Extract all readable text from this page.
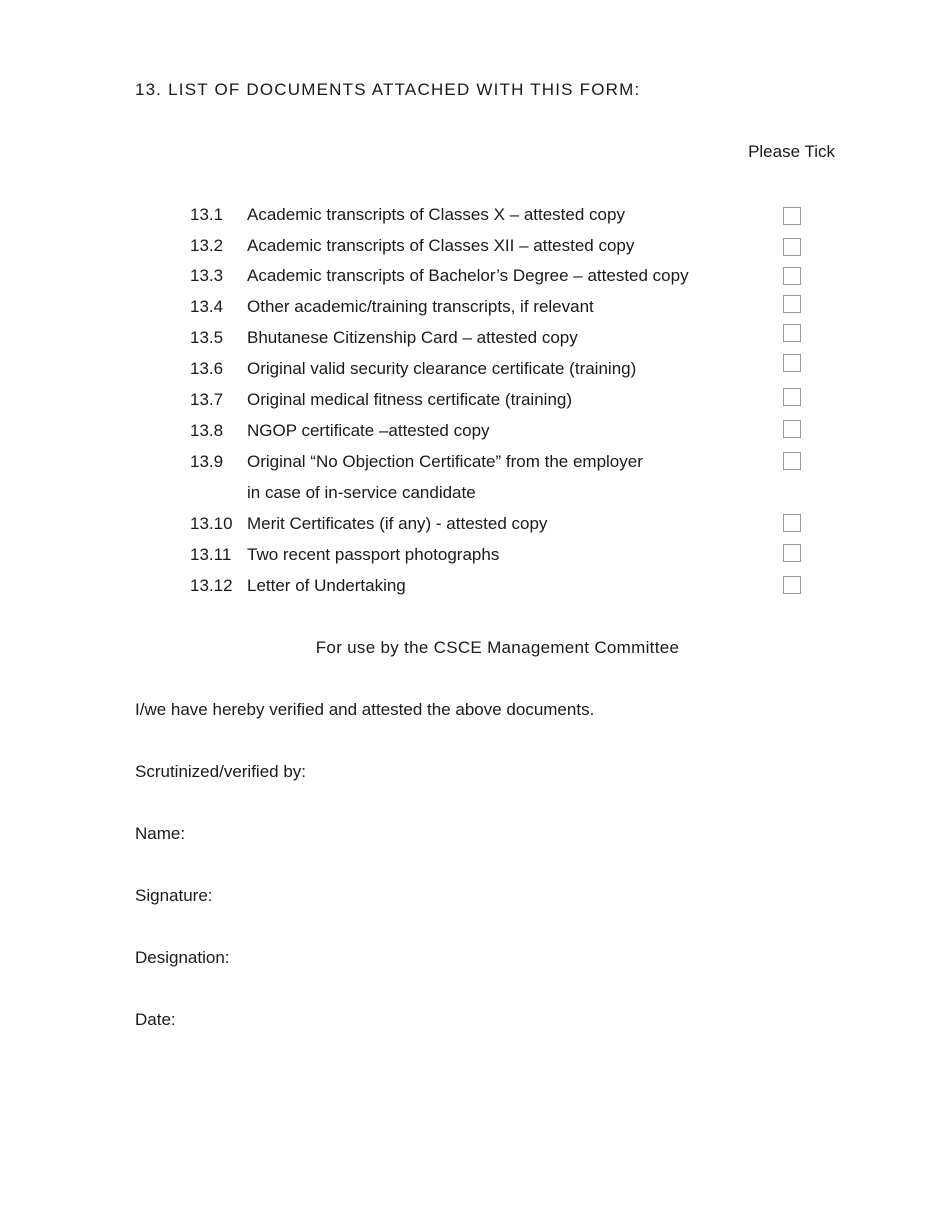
13. LIST OF DOCUMENTS ATTACHED WITH THIS FORM:
Please Tick
13.1	Academic transcripts of Classes X – attested copy
13.2	Academic transcripts of Classes XII – attested copy
13.3	Academic transcripts of Bachelor’s Degree – attested copy
13.4	Other academic/training transcripts, if relevant
13.5	Bhutanese Citizenship Card – attested copy
13.6	Original valid security clearance certificate (training)
13.7	Original medical fitness certificate (training)
13.8	NGOP certificate –attested copy
13.9	Original “No Objection Certificate” from the employer
in case of in-service candidate
13.10 Merit Certificates (if any) - attested copy
13.11 Two recent passport photographs
13.12 Letter of Undertaking
For use by the CSCE Management Committee
I/we have hereby verified and attested the above documents.
Scrutinized/verified by:
Name:
Signature:
Designation:
Date:
